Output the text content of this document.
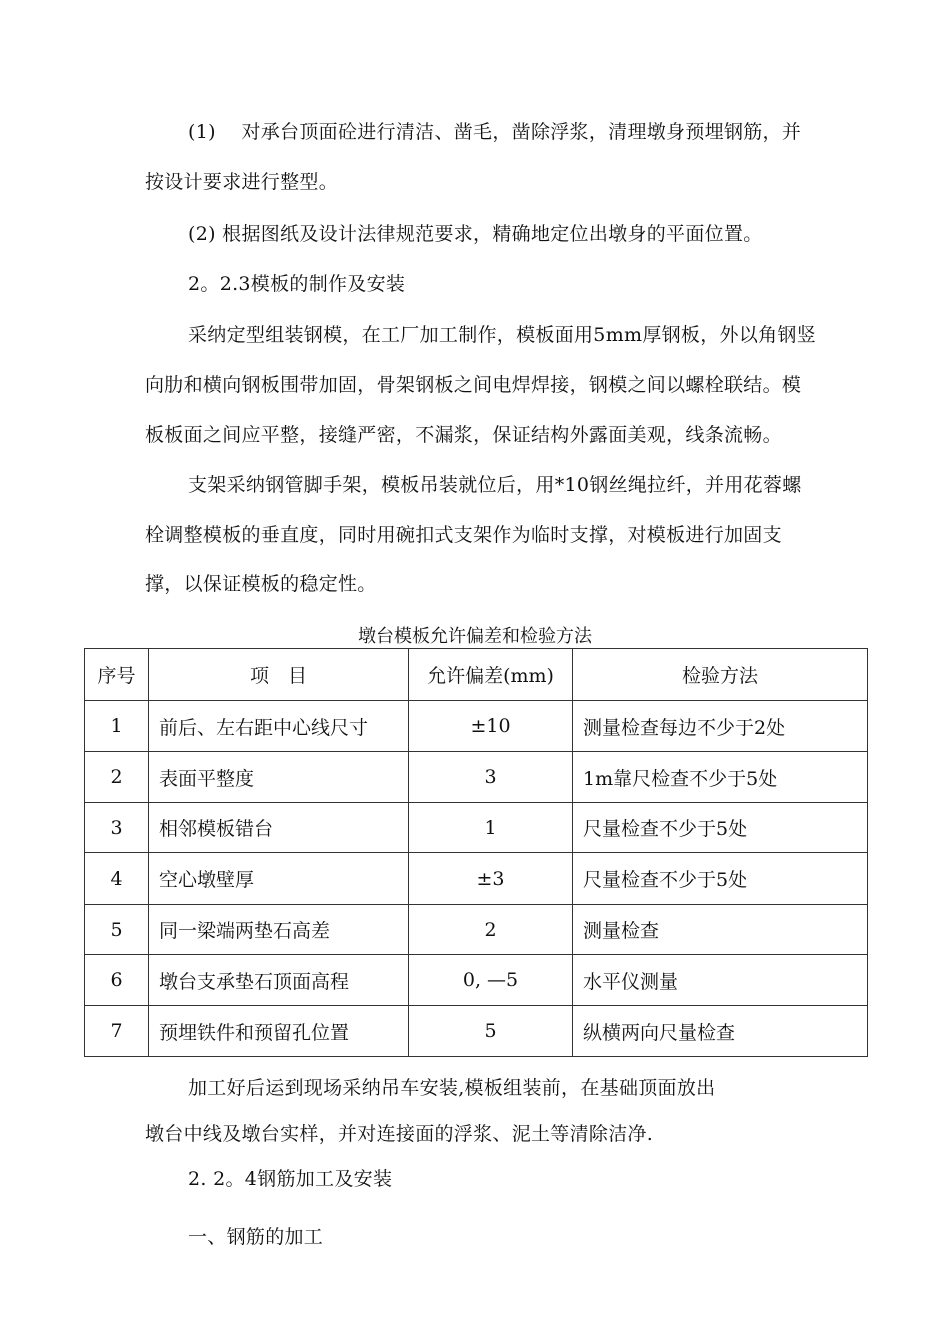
(1)　 对承台顶面砼进行清洁、凿毛，凿除浮浆，清理墩身预埋钢筋，并
按设计要求进行整型。
(2) 根据图纸及设计法律规范要求，精确地定位出墩身的平面位置。
2。2.3模板的制作及安装
采纳定型组装钢模，在工厂加工制作，模板面用5mm厚钢板，外以角钢竖
向肋和横向钢板围带加固，骨架钢板之间电焊焊接，钢模之间以螺栓联结。模
板板面之间应平整，接缝严密，不漏浆，保证结构外露面美观，线条流畅。
支架采纳钢管脚手架，模板吊装就位后，用*10钢丝绳拉纤，并用花蓉螺
栓调整模板的垂直度，同时用碗扣式支架作为临时支撑，对模板进行加固支
撑，以保证模板的稳定性。
墩台模板允许偏差和检验方法
序号	项　目	允许偏差(mm)	检验方法
1	前后、左右距中心线尺寸	±10	测量检查每边不少于2处
2	表面平整度	3	1m靠尺检查不少于5处
3	相邻模板错台	1	尺量检查不少于5处
4	空心墩壁厚	±3	尺量检查不少于5处
5	同一梁端两垫石高差	2	测量检查
6	墩台支承垫石顶面高程	0, —5	水平仪测量
7	预埋铁件和预留孔位置	5	纵横两向尺量检查
加工好后运到现场采纳吊车安装,模板组装前，在基础顶面放出
墩台中线及墩台实样，并对连接面的浮浆、泥土等清除洁净.
2. 2。4钢筋加工及安装
一、钢筋的加工
